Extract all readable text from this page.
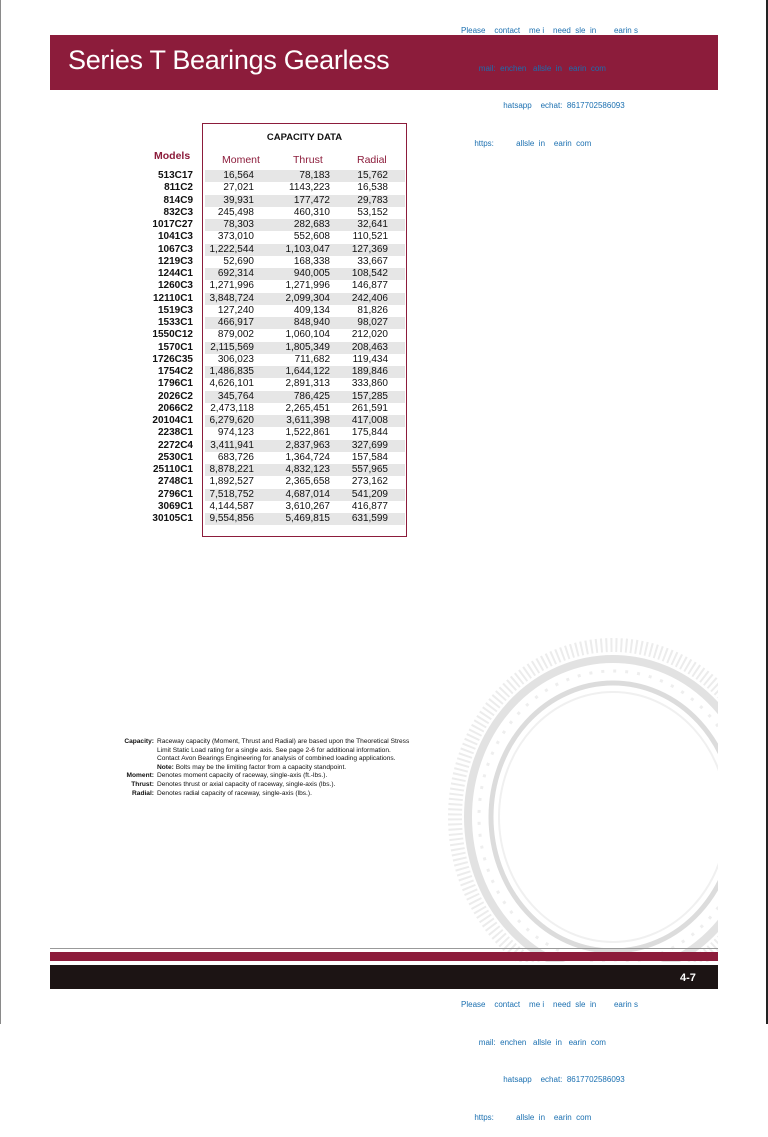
Series T Bearings Gearless

Please    contact    me i    need  sle  in        earin s

mail:  enchen   allsle  in   earin  com

hatsapp    echat:  8617702586093

https:          allsle  in    earin  com

Models
CAPACITY DATA
Moment	Thrust	Radial
513C17	16,564	78,183	15,762
811C2	27,021	1143,223	16,538
814C9	39,931	177,472	29,783
832C3	245,498	460,310	53,152
1017C27	78,303	282,683	32,641
1041C3	373,010	552,608	110,521
1067C3	1,222,544	1,103,047	127,369
1219C3	52,690	168,338	33,667
1244C1	692,314	940,005	108,542
1260C3	1,271,996	1,271,996	146,877
12110C1	3,848,724	2,099,304	242,406
1519C3	127,240	409,134	81,826
1533C1	466,917	848,940	98,027
1550C12	879,002	1,060,104	212,020
1570C1	2,115,569	1,805,349	208,463
1726C35	306,023	711,682	119,434
1754C2	1,486,835	1,644,122	189,846
1796C1	4,626,101	2,891,313	333,860
2026C2	345,764	786,425	157,285
2066C2	2,473,118	2,265,451	261,591
20104C1	6,279,620	3,611,398	417,008
2238C1	974,123	1,522,861	175,844
2272C4	3,411,941	2,837,963	327,699
2530C1	683,726	1,364,724	157,584
25110C1	8,878,221	4,832,123	557,965
2748C1	1,892,527	2,365,658	273,162
2796C1	7,518,752	4,687,014	541,209
3069C1	4,144,587	3,610,267	416,877
30105C1	9,554,856	5,469,815	631,599
Capacity: Raceway capacity (Moment, Thrust and Radial) are based upon the Theoretical Stress Limit Static Load rating for a single axis. See page 2-6 for additional information. Contact Avon Bearings Engineering for analysis of combined loading applications. Note: Bolts may be the limiting factor from a capacity standpoint.
Moment: Denotes moment capacity of raceway, single-axis (ft.-lbs.).
Thrust: Denotes thrust or axial capacity of raceway, single-axis (lbs.).
Radial: Denotes radial capacity of raceway, single-axis (lbs.).
4-7

Please    contact    me i    need  sle  in        earin s

mail:  enchen   allsle  in   earin  com

hatsapp    echat:  8617702586093

https:          allsle  in    earin  com
